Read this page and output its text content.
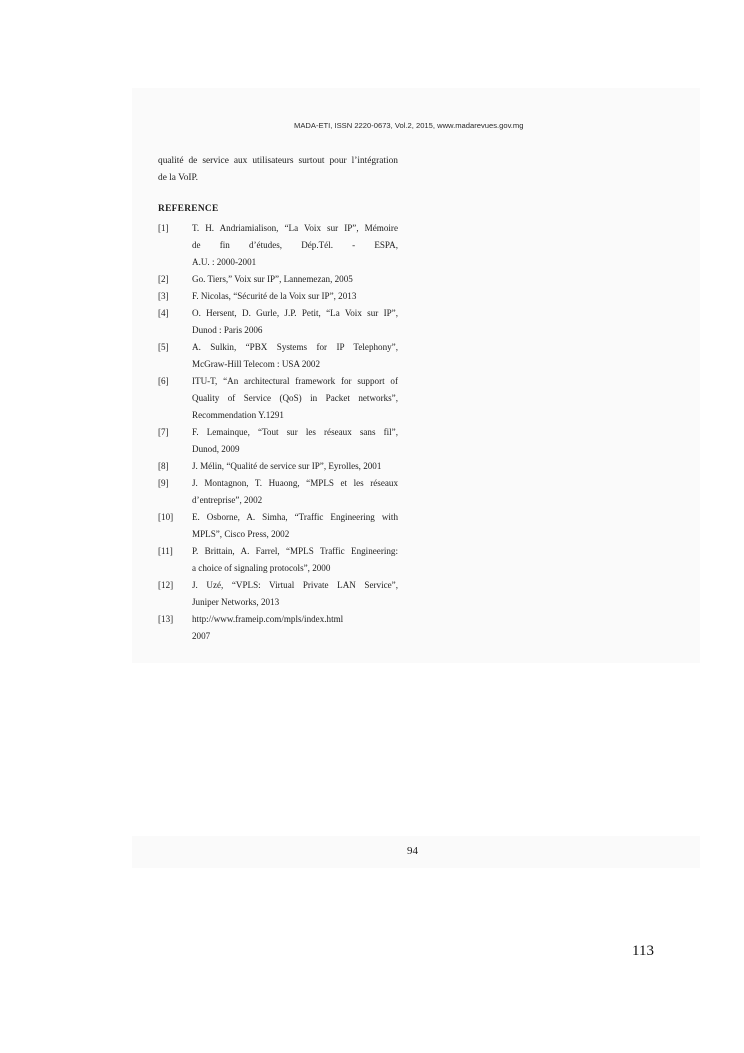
MADA-ETI, ISSN 2220-0673, Vol.2, 2015, www.madarevues.gov.mg
qualité de service aux utilisateurs surtout pour l’intégration
de la VoIP.
REFERENCE
[1]	T. H. Andriamialison, “La Voix sur IP”, Mémoire
de fin d’études, Dép.Tél. - ESPA,
A.U. : 2000-2001
[2]	Go. Tiers,” Voix sur IP”, Lannemezan, 2005
[3]	F. Nicolas, “Sécurité de la Voix sur IP”, 2013
[4]	O. Hersent, D. Gurle, J.P. Petit, “La Voix sur IP”,
Dunod : Paris 2006
[5]	A. Sulkin, “PBX Systems for IP Telephony”,
McGraw-Hill Telecom : USA 2002
[6]	ITU-T, “An architectural framework for support of
Quality of Service (QoS) in Packet networks”,
Recommendation Y.1291
[7]	F. Lemainque, “Tout sur les réseaux sans fil”,
Dunod, 2009
[8]	J. Mélin, “Qualité de service sur IP”, Eyrolles, 2001
[9]	J. Montagnon, T. Huaong, “MPLS et les réseaux
d’entreprise”, 2002
[10]	E. Osborne, A. Simha, “Traffic Engineering with
MPLS”, Cisco Press, 2002
[11]	P. Brittain, A. Farrel, “MPLS Traffic Engineering:
a choice of signaling protocols”, 2000
[12]	J. Uzé, “VPLS: Virtual Private LAN Service”,
Juniper Networks, 2013
[13]	http://www.frameip.com/mpls/index.html
2007
94
113
